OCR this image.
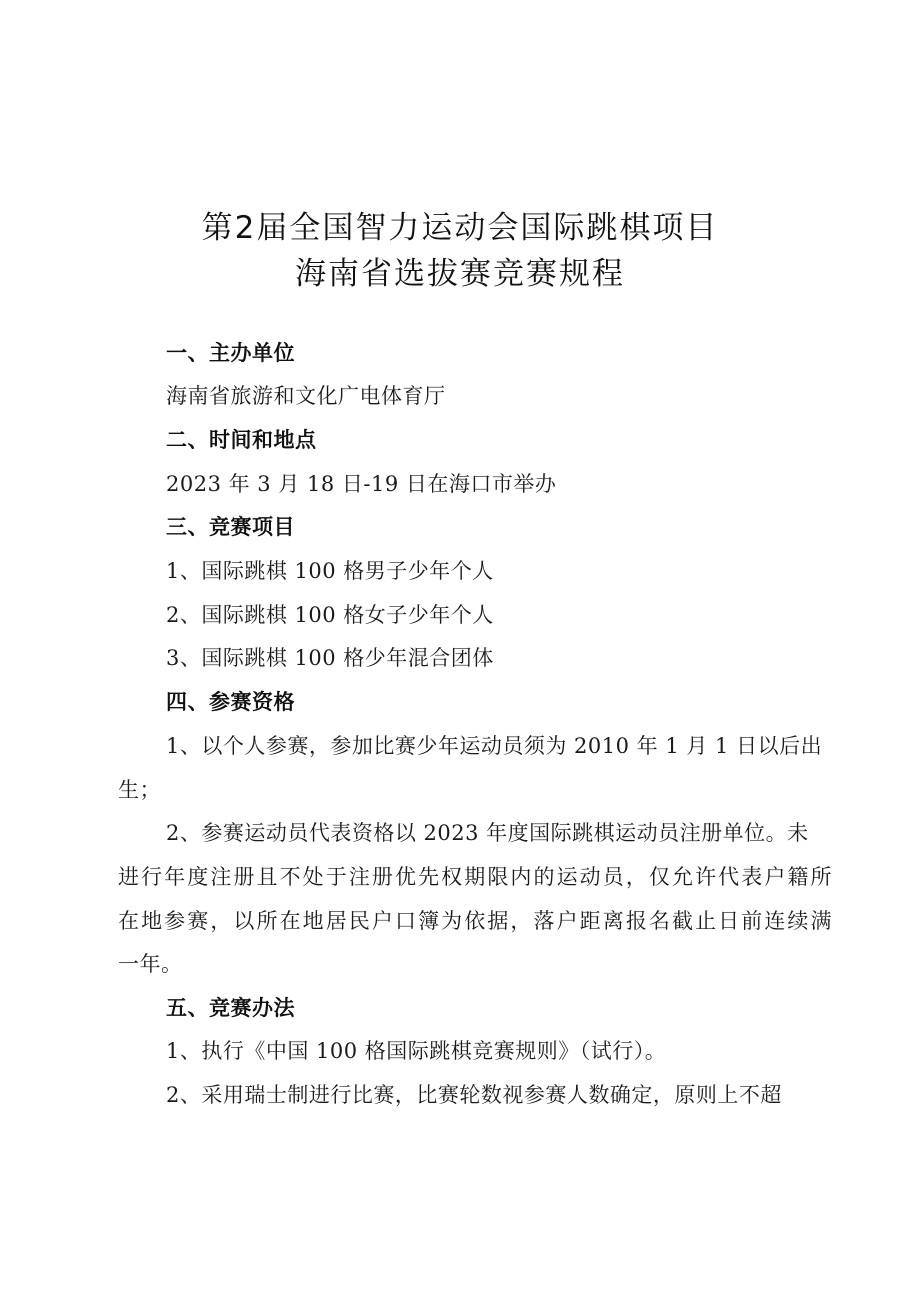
第2届全国智力运动会国际跳棋项目
海南省选拔赛竞赛规程
一、主办单位
海南省旅游和文化广电体育厅
二、时间和地点
2023 年 3 月 18 日-19 日在海口市举办
三、竞赛项目
1、国际跳棋 100 格男子少年个人
2、国际跳棋 100 格女子少年个人
3、国际跳棋 100 格少年混合团体
四、参赛资格
1、以个人参赛，参加比赛少年运动员须为 2010 年 1 月 1 日以后出
生；
2、参赛运动员代表资格以 2023 年度国际跳棋运动员注册单位。未
进行年度注册且不处于注册优先权期限内的运动员，仅允许代表户籍所
在地参赛，以所在地居民户口簿为依据，落户距离报名截止日前连续满
一年。
五、竞赛办法
1、执行《中国 100 格国际跳棋竞赛规则》（试行）。
2、采用瑞士制进行比赛，比赛轮数视参赛人数确定，原则上不超
